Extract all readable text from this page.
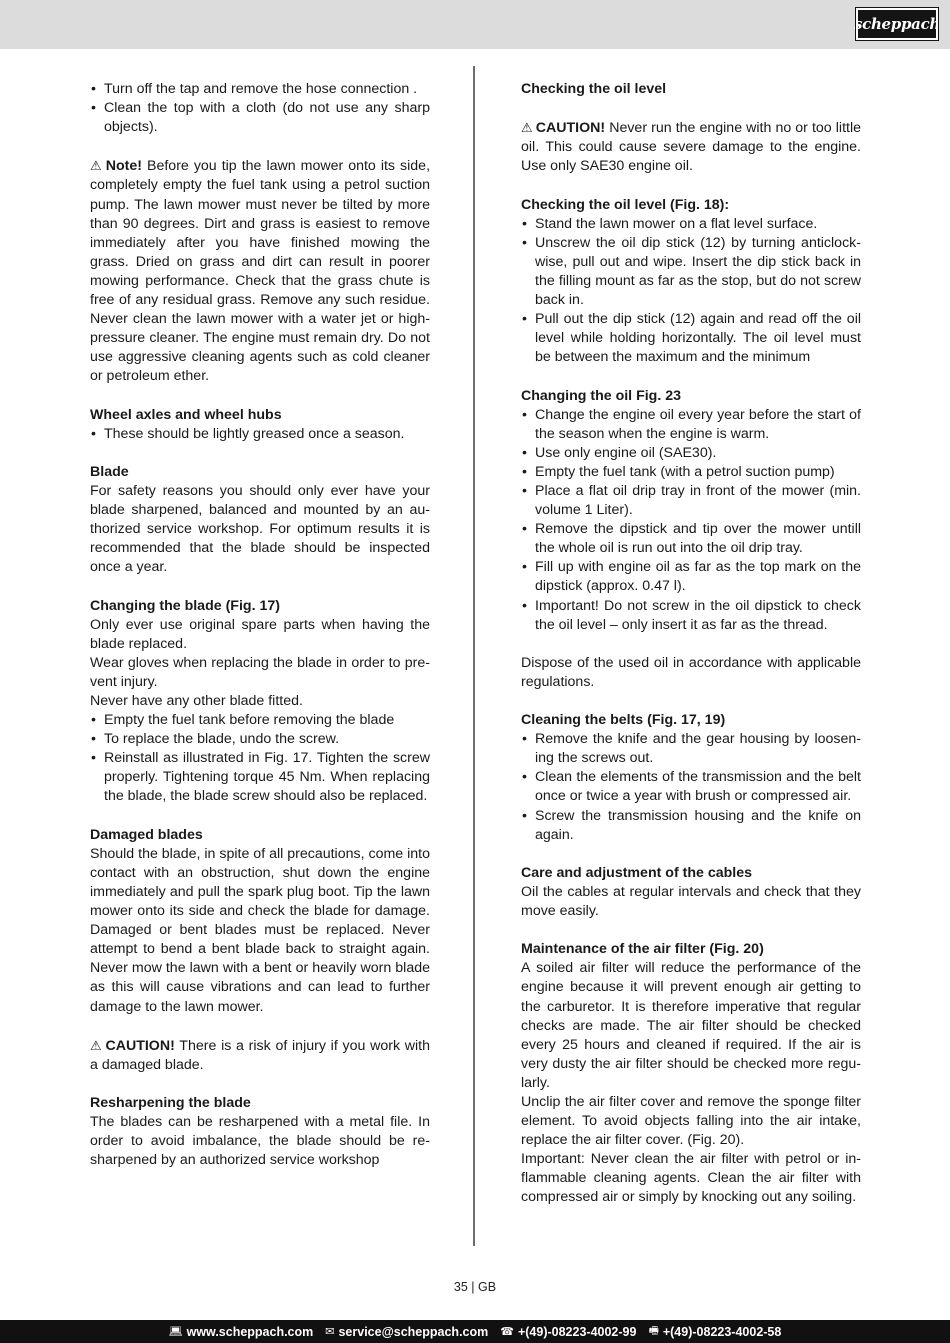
scheppach
• Turn off the tap and remove the hose connection .
• Clean the top with a cloth (do not use any sharp objects).

⚠ Note! Before you tip the lawn mower onto its side, completely empty the fuel tank using a petrol suction pump. The lawn mower must never be tilted by more than 90 degrees. Dirt and grass is easiest to remove immediately after you have finished mowing the grass. Dried on grass and dirt can result in poorer mowing performance. Check that the grass chute is free of any residual grass. Remove any such residue. Never clean the lawn mower with a water jet or high-pressure cleaner. The engine must remain dry. Do not use aggressive cleaning agents such as cold cleaner or petroleum ether.

Wheel axles and wheel hubs

• These should be lightly greased once a season.

Blade

For safety reasons you should only ever have your blade sharpened, balanced and mounted by an authorized service workshop. For optimum results it is recommended that the blade should be inspected once a year.

Changing the blade (Fig. 17)

Only ever use original spare parts when having the blade replaced.

Wear gloves when replacing the blade in order to prevent injury.

Never have any other blade fitted.

• Empty the fuel tank before removing the blade
• To replace the blade, undo the screw.
• Reinstall as illustrated in Fig. 17. Tighten the screw properly. Tightening torque 45 Nm. When replacing the blade, the blade screw should also be replaced.

Damaged blades

Should the blade, in spite of all precautions, come into contact with an obstruction, shut down the engine immediately and pull the spark plug boot. Tip the lawn mower onto its side and check the blade for damage. Damaged or bent blades must be replaced. Never attempt to bend a bent blade back to straight again. Never mow the lawn with a bent or heavily worn blade as this will cause vibrations and can lead to further damage to the lawn mower.

⚠ CAUTION! There is a risk of injury if you work with a damaged blade.

Resharpening the blade

The blades can be resharpened with a metal file. In order to avoid imbalance, the blade should be resharpened by an authorized service workshop

Checking the oil level

⚠ CAUTION! Never run the engine with no or too little oil. This could cause severe damage to the engine. Use only SAE30 engine oil.

Checking the oil level (Fig. 18):

• Stand the lawn mower on a flat level surface.
• Unscrew the oil dip stick (12) by turning anticlockwise, pull out and wipe. Insert the dip stick back in the filling mount as far as the stop, but do not screw back in.
• Pull out the dip stick (12) again and read off the oil level while holding horizontally. The oil level must be between the maximum and the minimum

Changing the oil Fig. 23

• Change the engine oil every year before the start of the season when the engine is warm.
• Use only engine oil (SAE30).
• Empty the fuel tank (with a petrol suction pump)
• Place a flat oil drip tray in front of the mower (min. volume 1 Liter).
• Remove the dipstick and tip over the mower untill the whole oil is run out into the oil drip tray.
• Fill up with engine oil as far as the top mark on the dipstick (approx. 0.47 l).
• Important! Do not screw in the oil dipstick to check the oil level – only insert it as far as the thread.

Dispose of the used oil in accordance with applicable regulations.

Cleaning the belts (Fig. 17, 19)

• Remove the knife and the gear housing by loosening the screws out.
• Clean the elements of the transmission and the belt once or twice a year with brush or compressed air.
• Screw the transmission housing and the knife on again.

Care and adjustment of the cables

Oil the cables at regular intervals and check that they move easily.

Maintenance of the air filter (Fig. 20)

A soiled air filter will reduce the performance of the engine because it will prevent enough air getting to the carburetor. It is therefore imperative that regular checks are made. The air filter should be checked every 25 hours and cleaned if required. If the air is very dusty the air filter should be checked more regularly.

Unclip the air filter cover and remove the sponge filter element. To avoid objects falling into the air intake, replace the air filter cover. (Fig. 20).

Important: Never clean the air filter with petrol or inflammable cleaning agents. Clean the air filter with compressed air or simply by knocking out any soiling.

35 | GB
💻︎ www.scheppach.com ✉︎ service@scheppach.com ☎︎ +(49)-08223-4002-99 🖷︎ +(49)-08223-4002-58
